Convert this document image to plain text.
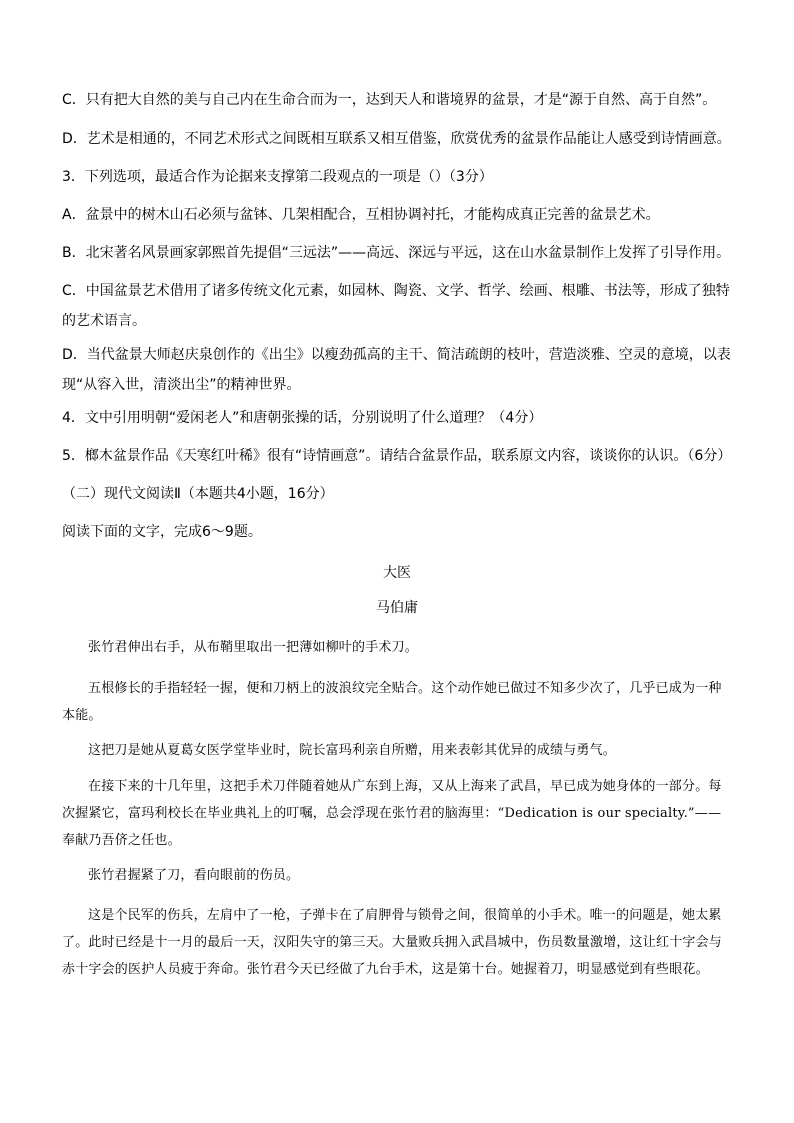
C．只有把大自然的美与自己内在生命合而为一，达到天人和谐境界的盆景，才是“源于自然、高于自然”。
D．艺术是相通的，不同艺术形式之间既相互联系又相互借鉴，欣赏优秀的盆景作品能让人感受到诗情画意。
3．下列选项，最适合作为论据来支撑第二段观点的一项是（）（3分）
A．盆景中的树木山石必须与盆钵、几架相配合，互相协调衬托，才能构成真正完善的盆景艺术。
B．北宋著名风景画家郭熙首先提倡“三远法”——高远、深远与平远，这在山水盆景制作上发挥了引导作用。
C．中国盆景艺术借用了诸多传统文化元素，如园林、陶瓷、文学、哲学、绘画、根雕、书法等，形成了独特的艺术语言。
D．当代盆景大师赵庆泉创作的《出尘》以瘦劲孤高的主干、简洁疏朗的枝叶，营造淡雅、空灵的意境，以表现“从容入世，清淡出尘”的精神世界。
4．文中引用明朝“爱闲老人”和唐朝张操的话，分别说明了什么道理？（4分）
5．榔木盆景作品《天寒红叶稀》很有“诗情画意”。请结合盆景作品，联系原文内容，谈谈你的认识。（6分）
（二）现代文阅读Ⅱ（本题共4小题，16分）
阅读下面的文字，完成6～9题。
大医
马伯庸
张竹君伸出右手，从布鞘里取出一把薄如柳叶的手术刀。
五根修长的手指轻轻一握，便和刀柄上的波浪纹完全贴合。这个动作她已做过不知多少次了，几乎已成为一种本能。
这把刀是她从夏葛女医学堂毕业时，院长富玛利亲自所赠，用来表彰其优异的成绩与勇气。
在接下来的十几年里，这把手术刀伴随着她从广东到上海，又从上海来了武昌，早已成为她身体的一部分。每次握紧它，富玛利校长在毕业典礼上的叮嘱，总会浮现在张竹君的脑海里：“Dedication is our specialty.”——奉献乃吾侪之任也。
张竹君握紧了刀，看向眼前的伤员。
这是个民军的伤兵，左肩中了一枪，子弹卡在了肩胛骨与锁骨之间，很简单的小手术。唯一的问题是，她太累了。此时已经是十一月的最后一天，汉阳失守的第三天。大量败兵拥入武昌城中，伤员数量激增，这让红十字会与赤十字会的医护人员疲于奔命。张竹君今天已经做了九台手术，这是第十台。她握着刀，明显感觉到有些眼花。
